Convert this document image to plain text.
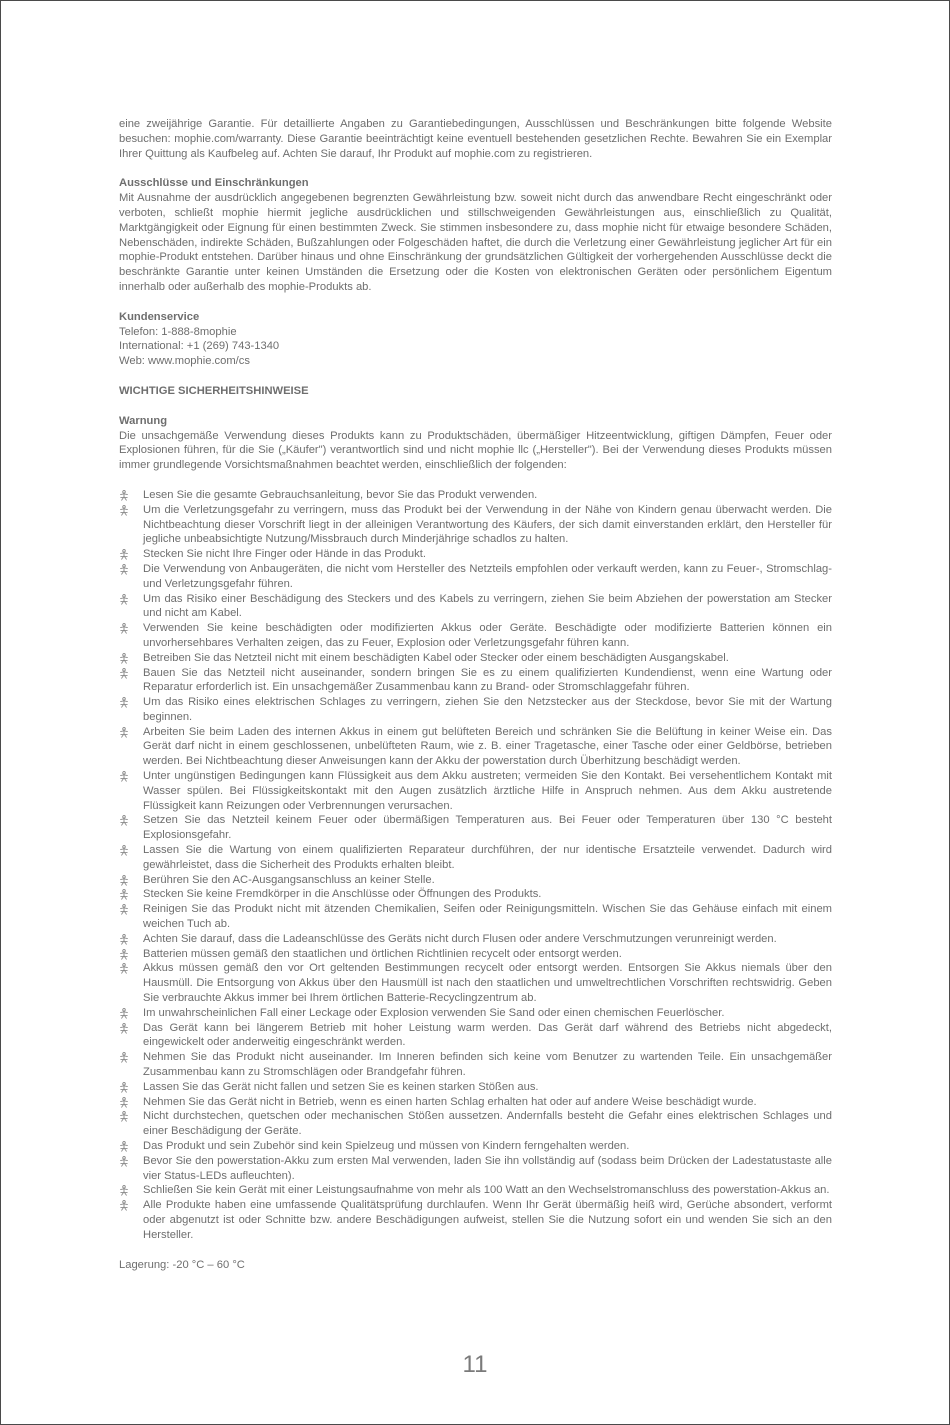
eine zweijährige Garantie. Für detaillierte Angaben zu Garantiebedingungen, Ausschlüssen und Beschränkungen bitte folgende Website besuchen: mophie.com/warranty. Diese Garantie beeinträchtigt keine eventuell bestehenden gesetzlichen Rechte. Bewahren Sie ein Exemplar Ihrer Quittung als Kaufbeleg auf. Achten Sie darauf, Ihr Produkt auf mophie.com zu registrieren.

Ausschlüsse und Einschränkungen

Mit Ausnahme der ausdrücklich angegebenen begrenzten Gewährleistung bzw. soweit nicht durch das anwendbare Recht eingeschränkt oder verboten, schließt mophie hiermit jegliche ausdrücklichen und stillschweigenden Gewährleistungen aus, einschließlich zu Qualität, Marktgängigkeit oder Eignung für einen bestimmten Zweck. Sie stimmen insbesondere zu, dass mophie nicht für etwaige besondere Schäden, Nebenschäden, indirekte Schäden, Bußzahlungen oder Folgeschäden haftet, die durch die Verletzung einer Gewährleistung jeglicher Art für ein mophie-Produkt entstehen. Darüber hinaus und ohne Einschränkung der grundsätzlichen Gültigkeit der vorhergehenden Ausschlüsse deckt die beschränkte Garantie unter keinen Umständen die Ersetzung oder die Kosten von elektronischen Geräten oder persönlichem Eigentum innerhalb oder außerhalb des mophie-Produkts ab.

Kundenservice

Telefon: 1-888-8mophie

International: +1 (269) 743-1340

Web: www.mophie.com/cs

WICHTIGE SICHERHEITSHINWEISE

Warnung

Die unsachgemäße Verwendung dieses Produkts kann zu Produktschäden, übermäßiger Hitzeentwicklung, giftigen Dämpfen, Feuer oder Explosionen führen, für die Sie („Käufer") verantwortlich sind und nicht mophie llc („Hersteller"). Bei der Verwendung dieses Produkts müssen immer grundlegende Vorsichtsmaßnahmen beachtet werden, einschließlich der folgenden:

Lesen Sie die gesamte Gebrauchsanleitung, bevor Sie das Produkt verwenden.
Um die Verletzungsgefahr zu verringern, muss das Produkt bei der Verwendung in der Nähe von Kindern genau überwacht werden. Die Nichtbeachtung dieser Vorschrift liegt in der alleinigen Verantwortung des Käufers, der sich damit einverstanden erklärt, den Hersteller für jegliche unbeabsichtigte Nutzung/Missbrauch durch Minderjährige schadlos zu halten.
Stecken Sie nicht Ihre Finger oder Hände in das Produkt.
Die Verwendung von Anbaugeräten, die nicht vom Hersteller des Netzteils empfohlen oder verkauft werden, kann zu Feuer-, Stromschlag- und Verletzungsgefahr führen.
Um das Risiko einer Beschädigung des Steckers und des Kabels zu verringern, ziehen Sie beim Abziehen der powerstation am Stecker und nicht am Kabel.
Verwenden Sie keine beschädigten oder modifizierten Akkus oder Geräte. Beschädigte oder modifizierte Batterien können ein unvorhersehbares Verhalten zeigen, das zu Feuer, Explosion oder Verletzungsgefahr führen kann.
Betreiben Sie das Netzteil nicht mit einem beschädigten Kabel oder Stecker oder einem beschädigten Ausgangskabel.
Bauen Sie das Netzteil nicht auseinander, sondern bringen Sie es zu einem qualifizierten Kundendienst, wenn eine Wartung oder Reparatur erforderlich ist. Ein unsachgemäßer Zusammenbau kann zu Brand- oder Stromschlaggefahr führen.
Um das Risiko eines elektrischen Schlages zu verringern, ziehen Sie den Netzstecker aus der Steckdose, bevor Sie mit der Wartung beginnen.
Arbeiten Sie beim Laden des internen Akkus in einem gut belüfteten Bereich und schränken Sie die Belüftung in keiner Weise ein. Das Gerät darf nicht in einem geschlossenen, unbelüfteten Raum, wie z. B. einer Tragetasche, einer Tasche oder einer Geldbörse, betrieben werden. Bei Nichtbeachtung dieser Anweisungen kann der Akku der powerstation durch Überhitzung beschädigt werden.
Unter ungünstigen Bedingungen kann Flüssigkeit aus dem Akku austreten; vermeiden Sie den Kontakt. Bei versehentlichem Kontakt mit Wasser spülen. Bei Flüssigkeitskontakt mit den Augen zusätzlich ärztliche Hilfe in Anspruch nehmen. Aus dem Akku austretende Flüssigkeit kann Reizungen oder Verbrennungen verursachen.
Setzen Sie das Netzteil keinem Feuer oder übermäßigen Temperaturen aus. Bei Feuer oder Temperaturen über 130 °C besteht Explosionsgefahr.
Lassen Sie die Wartung von einem qualifizierten Reparateur durchführen, der nur identische Ersatzteile verwendet. Dadurch wird gewährleistet, dass die Sicherheit des Produkts erhalten bleibt.
Berühren Sie den AC-Ausgangsanschluss an keiner Stelle.
Stecken Sie keine Fremdkörper in die Anschlüsse oder Öffnungen des Produkts.
Reinigen Sie das Produkt nicht mit ätzenden Chemikalien, Seifen oder Reinigungsmitteln. Wischen Sie das Gehäuse einfach mit einem weichen Tuch ab.
Achten Sie darauf, dass die Ladeanschlüsse des Geräts nicht durch Flusen oder andere Verschmutzungen verunreinigt werden.
Batterien müssen gemäß den staatlichen und örtlichen Richtlinien recycelt oder entsorgt werden.
Akkus müssen gemäß den vor Ort geltenden Bestimmungen recycelt oder entsorgt werden. Entsorgen Sie Akkus niemals über den Hausmüll. Die Entsorgung von Akkus über den Hausmüll ist nach den staatlichen und umweltrechtlichen Vorschriften rechtswidrig. Geben Sie verbrauchte Akkus immer bei Ihrem örtlichen Batterie-Recyclingzentrum ab.
Im unwahrscheinlichen Fall einer Leckage oder Explosion verwenden Sie Sand oder einen chemischen Feuerlöscher.
Das Gerät kann bei längerem Betrieb mit hoher Leistung warm werden. Das Gerät darf während des Betriebs nicht abgedeckt, eingewickelt oder anderweitig eingeschränkt werden.
Nehmen Sie das Produkt nicht auseinander. Im Inneren befinden sich keine vom Benutzer zu wartenden Teile. Ein unsachgemäßer Zusammenbau kann zu Stromschlägen oder Brandgefahr führen.
Lassen Sie das Gerät nicht fallen und setzen Sie es keinen starken Stößen aus.
Nehmen Sie das Gerät nicht in Betrieb, wenn es einen harten Schlag erhalten hat oder auf andere Weise beschädigt wurde.
Nicht durchstechen, quetschen oder mechanischen Stößen aussetzen. Andernfalls besteht die Gefahr eines elektrischen Schlages und einer Beschädigung der Geräte.
Das Produkt und sein Zubehör sind kein Spielzeug und müssen von Kindern ferngehalten werden.
Bevor Sie den powerstation-Akku zum ersten Mal verwenden, laden Sie ihn vollständig auf (sodass beim Drücken der Ladestatustaste alle vier Status-LEDs aufleuchten).
Schließen Sie kein Gerät mit einer Leistungsaufnahme von mehr als 100 Watt an den Wechselstromanschluss des powerstation-Akkus an.
Alle Produkte haben eine umfassende Qualitätsprüfung durchlaufen. Wenn Ihr Gerät übermäßig heiß wird, Gerüche absondert, verformt oder abgenutzt ist oder Schnitte bzw. andere Beschädigungen aufweist, stellen Sie die Nutzung sofort ein und wenden Sie sich an den Hersteller.

Lagerung: -20 °C – 60 °C

11
